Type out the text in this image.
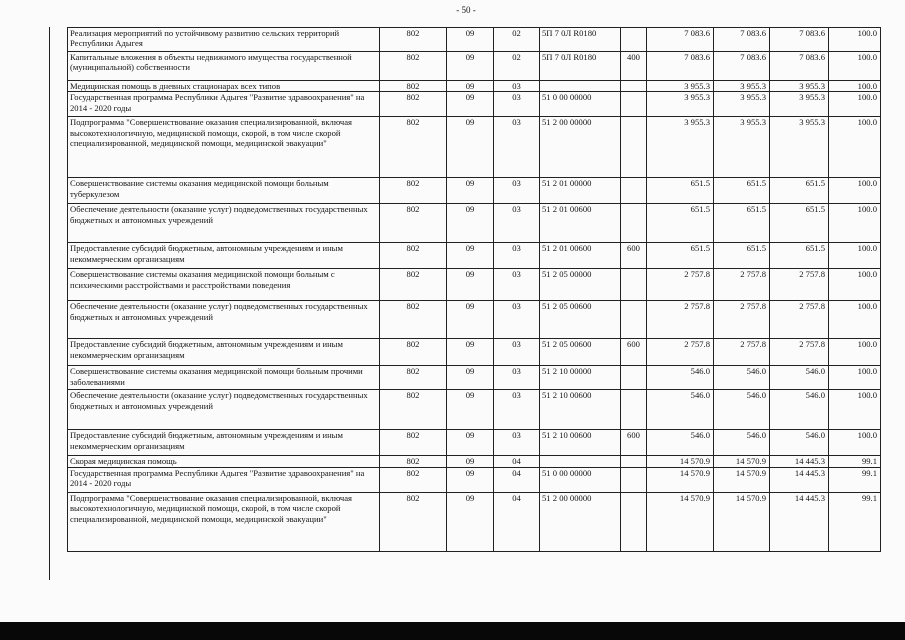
- 50 -
Реализация мероприятий по устойчивому развитию сельских территорий Республики Адыгея	802	09	02	5П 7 0Л R0180		7 083.6	7 083.6	7 083.6	100.0
Капитальные вложения в объекты недвижимого имущества государственной (муниципальной) собственности	802	09	02	5П 7 0Л R0180	400	7 083.6	7 083.6	7 083.6	100.0
Медицинская помощь в дневных стационарах всех типов	802	09	03			3 955.3	3 955.3	3 955.3	100.0
Государственная программа Республики Адыгея "Развитие здравоохранения" на 2014 - 2020 годы	802	09	03	51 0 00 00000		3 955.3	3 955.3	3 955.3	100.0
Подпрограмма "Совершенствование оказания специализированной, включая высокотехнологичную, медицинской помощи, скорой, в том числе скорой специализированной, медицинской помощи, медицинской эвакуации"	802	09	03	51 2 00 00000		3 955.3	3 955.3	3 955.3	100.0
Совершенствование системы оказания медицинской помощи больным туберкулезом	802	09	03	51 2 01 00000		651.5	651.5	651.5	100.0
Обеспечение деятельности (оказание услуг) подведомственных государственных бюджетных и автономных учреждений	802	09	03	51 2 01 00600		651.5	651.5	651.5	100.0
Предоставление субсидий бюджетным, автономным учреждениям и иным некоммерческим организациям	802	09	03	51 2 01 00600	600	651.5	651.5	651.5	100.0
Совершенствование системы оказания медицинской помощи больным с психическими расстройствами и расстройствами поведения	802	09	03	51 2 05 00000		2 757.8	2 757.8	2 757.8	100.0
Обеспечение деятельности (оказание услуг) подведомственных государственных бюджетных и автономных учреждений	802	09	03	51 2 05 00600		2 757.8	2 757.8	2 757.8	100.0
Предоставление субсидий бюджетным, автономным учреждениям и иным некоммерческим организациям	802	09	03	51 2 05 00600	600	2 757.8	2 757.8	2 757.8	100.0
Совершенствование системы оказания медицинской помощи больным прочими заболеваниями	802	09	03	51 2 10 00000		546.0	546.0	546.0	100.0
Обеспечение деятельности (оказание услуг) подведомственных государственных бюджетных и автономных учреждений	802	09	03	51 2 10 00600		546.0	546.0	546.0	100.0
Предоставление субсидий бюджетным, автономным учреждениям и иным некоммерческим организациям	802	09	03	51 2 10 00600	600	546.0	546.0	546.0	100.0
Скорая медицинская помощь	802	09	04			14 570.9	14 570.9	14 445.3	99.1
Государственная программа Республики Адыгея "Развитие здравоохранения" на 2014 - 2020 годы	802	09	04	51 0 00 00000		14 570.9	14 570.9	14 445.3	99.1
Подпрограмма "Совершенствование оказания специализированной, включая высокотехнологичную, медицинской помощи, скорой, в том числе скорой специализированной, медицинской помощи, медицинской эвакуации"	802	09	04	51 2 00 00000		14 570.9	14 570.9	14 445.3	99.1
